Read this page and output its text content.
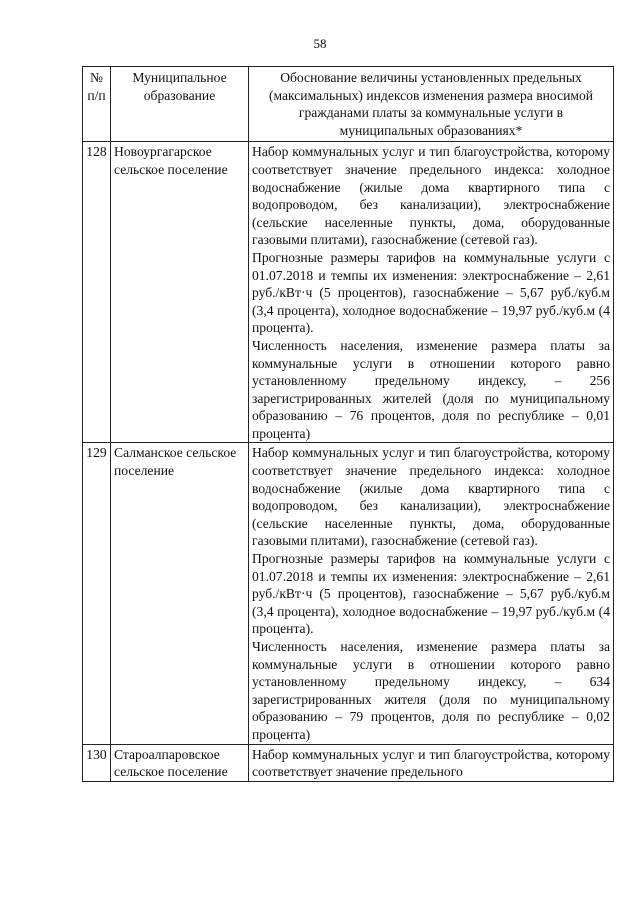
58
№ п/п	Муниципальное образование	Обоснование величины установленных предельных (максимальных) индексов изменения размера вносимой гражданами платы за коммунальные услуги в муниципальных образованиях*
128	Новоургагарское сельское поселение	Набор коммунальных услуг и тип благоустройства, которому соответствует значение предельного индекса: холодное водоснабжение (жилые дома квартирного типа с водопроводом, без канализации), электроснабжение (сельские населенные пункты, дома, оборудованные газовыми плитами), газоснабжение (сетевой газ).

Прогнозные размеры тарифов на коммунальные услуги с 01.07.2018 и темпы их изменения: электроснабжение – 2,61 руб./кВт·ч (5 процентов), газоснабжение – 5,67 руб./куб.м (3,4 процента), холодное водоснабжение – 19,97 руб./куб.м (4 процента).

Численность населения, изменение размера платы за коммунальные услуги в отношении которого равно установленному предельному индексу, – 256 зарегистрированных жителей (доля по муниципальному образованию – 76 процентов, доля по республике – 0,01 процента)

129	Салманское сельское поселение	Набор коммунальных услуг и тип благоустройства, которому соответствует значение предельного индекса: холодное водоснабжение (жилые дома квартирного типа с водопроводом, без канализации), электроснабжение (сельские населенные пункты, дома, оборудованные газовыми плитами), газоснабжение (сетевой газ).

Прогнозные размеры тарифов на коммунальные услуги с 01.07.2018 и темпы их изменения: электроснабжение – 2,61 руб./кВт·ч (5 процентов), газоснабжение – 5,67 руб./куб.м (3,4 процента), холодное водоснабжение – 19,97 руб./куб.м (4 процента).

Численность населения, изменение размера платы за коммунальные услуги в отношении которого равно установленному предельному индексу, – 634 зарегистрированных жителя (доля по муниципальному образованию – 79 процентов, доля по республике – 0,02 процента)

130	Староалпаровское сельское поселение	Набор коммунальных услуг и тип благоустройства, которому соответствует значение предельного
